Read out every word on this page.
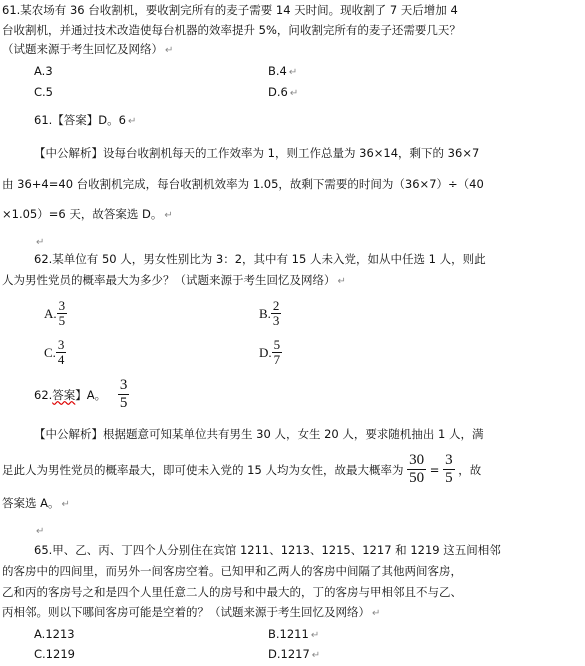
61.某农场有 36 台收割机，要收割完所有的麦子需要 14 天时间。现收割了 7 天后增加 4
台收割机，并通过技术改造使每台机器的效率提升 5%，问收割完所有的麦子还需要几天？
（试题来源于考生回忆及网络） ↵
A.3	B.4 ↵
C.5	D.6 ↵
61.【答案】D。6 ↵
【中公解析】设每台收割机每天的工作效率为 1，则工作总量为 36×14，剩下的 36×7
由 36+4=40 台收割机完成，每台收割机效率为 1.05，故剩下需要的时间为（36×7）÷（40
×1.05）=6 天，故答案选 D。 ↵
↵
62.某单位有 50 人，男女性别比为 3：2，其中有 15 人未入党，如从中任选 1 人，则此
人为男性党员的概率最大为多少？（试题来源于考生回忆及网络） ↵
A. $\frac{3}{5}$	B. $\frac{2}{3}$
C. $\frac{3}{4}$	D. $\frac{5}{7}$
62.答案】A。 $\frac{3}{5}$
【中公解析】根据题意可知某单位共有男生 30 人，女生 20 人，要求随机抽出 1 人，满
足此人为男性党员的概率最大，即可使未入党的 15 人均为女性，故最大概率为 $\frac{30}{50} = \frac{3}{5}$ ，故
答案选 A。 ↵
↵
65.甲、乙、丙、丁四个人分别住在宾馆 1211、1213、1215、1217 和 1219 这五间相邻
的客房中的四间里，而另外一间客房空着。已知甲和乙两人的客房中间隔了其他两间客房，
乙和丙的客房号之和是四个人里任意二人的房号和中最大的，丁的客房与甲相邻且不与乙、
丙相邻。则以下哪间客房可能是空着的？（试题来源于考生回忆及网络） ↵
A.1213	B.1211 ↵
C.1219	D.1217 ↵
